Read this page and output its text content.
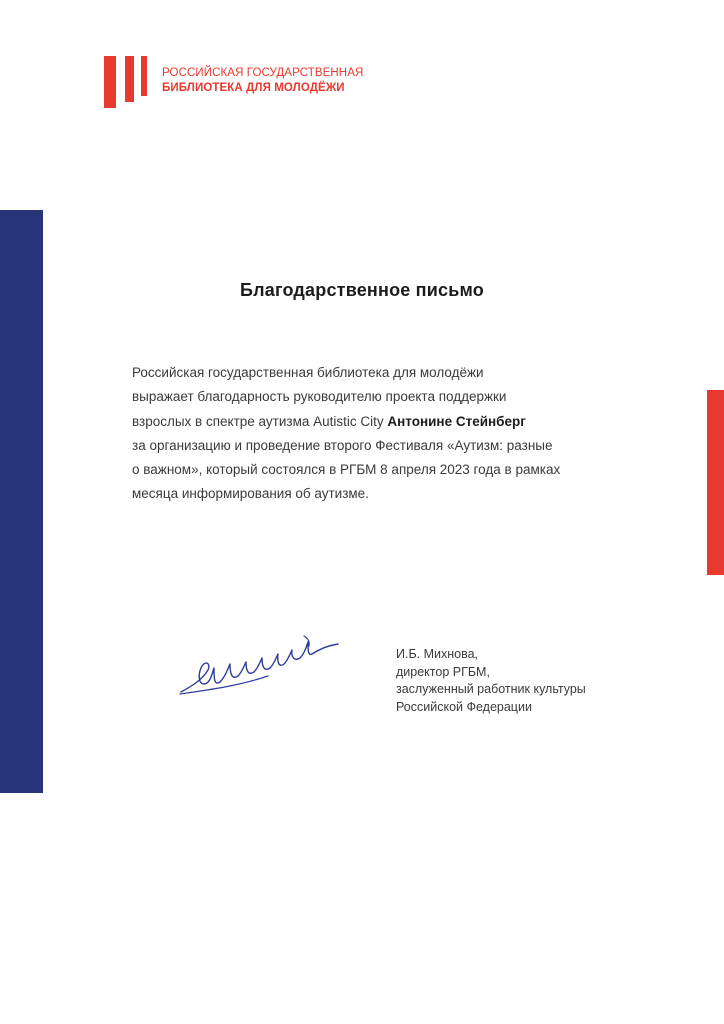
РОССИЙСКАЯ ГОСУДАРСТВЕННАЯ
БИБЛИОТЕКА ДЛЯ МОЛОДЁЖИ
Благодарственное письмо
Российская государственная библиотека для молодёжи
выражает благодарность руководителю проекта поддержки
взрослых в спектре аутизма Autistic City Антонине Стейнберг
за организацию и проведение второго Фестиваля «Аутизм: разные
о важном», который состоялся в РГБМ 8 апреля 2023 года в рамках
месяца информирования об аутизме.
И.Б. Михнова,
директор РГБМ,
заслуженный работник культуры
Российской Федерации
